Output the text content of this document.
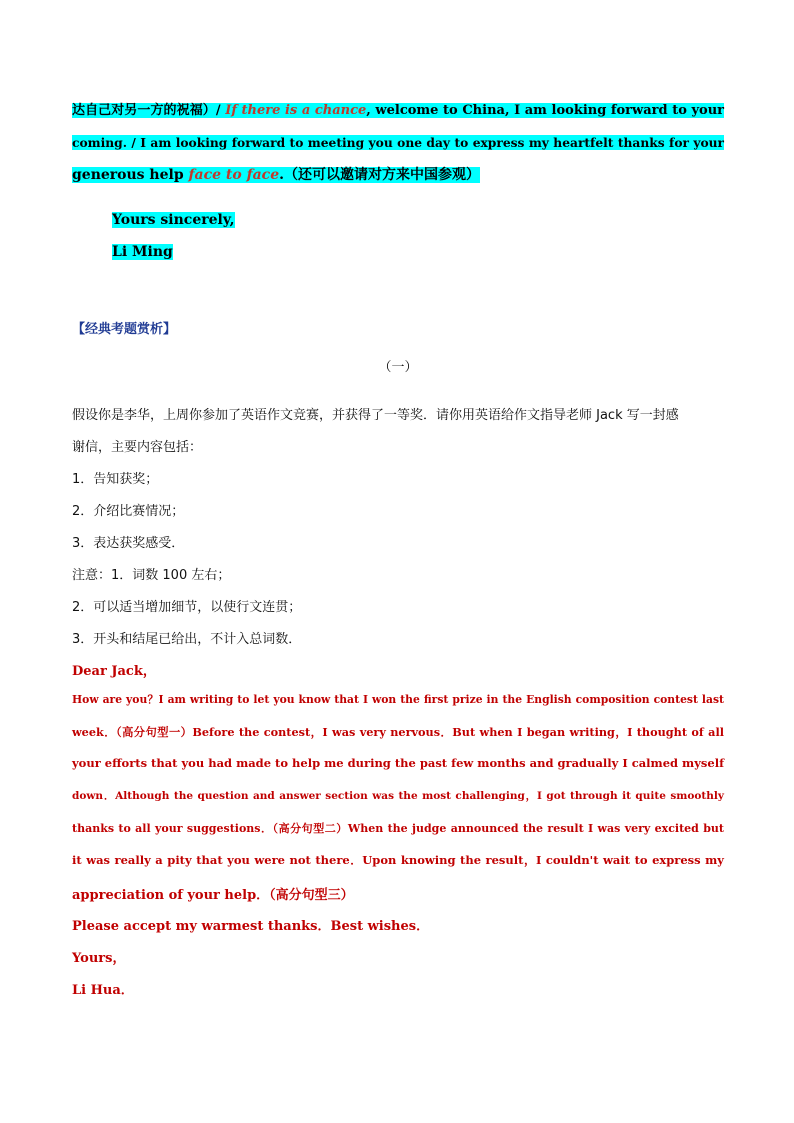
达自己对另一方的祝福）/ If there is a chance, welcome to China, I am looking forward to your
coming. / I am looking forward to meeting you one day to express my heartfelt thanks for your
generous help face to face.（还可以邀请对方来中国参观）
Yours sincerely,
Li Ming
【经典考题赏析】
（一）
假设你是李华，上周你参加了英语作文竞赛，并获得了一等奖．请你用英语给作文指导老师 Jack 写一封感
谢信，主要内容包括：
1．告知获奖；
2．介绍比赛情况；
3．表达获奖感受．
注意：1．词数 100 左右；
2．可以适当增加细节，以使行文连贯；
3．开头和结尾已给出，不计入总词数．
Dear Jack，
How are you？I am writing to let you know that I won the first prize in the English composition contest last
week．（高分句型一）Before the contest，I was very nervous．But when I began writing，I thought of all
your efforts that you had made to help me during the past few months and gradually I calmed myself
down．Although the question and answer section was the most challenging，I got through it quite smoothly
thanks to all your suggestions．（高分句型二）When the judge announced the result I was very excited but
it was really a pity that you were not there．Upon knowing the result，I couldn't wait to express my
appreciation of your help．（高分句型三）
Please accept my warmest thanks．Best wishes．
Yours，
Li Hua．
